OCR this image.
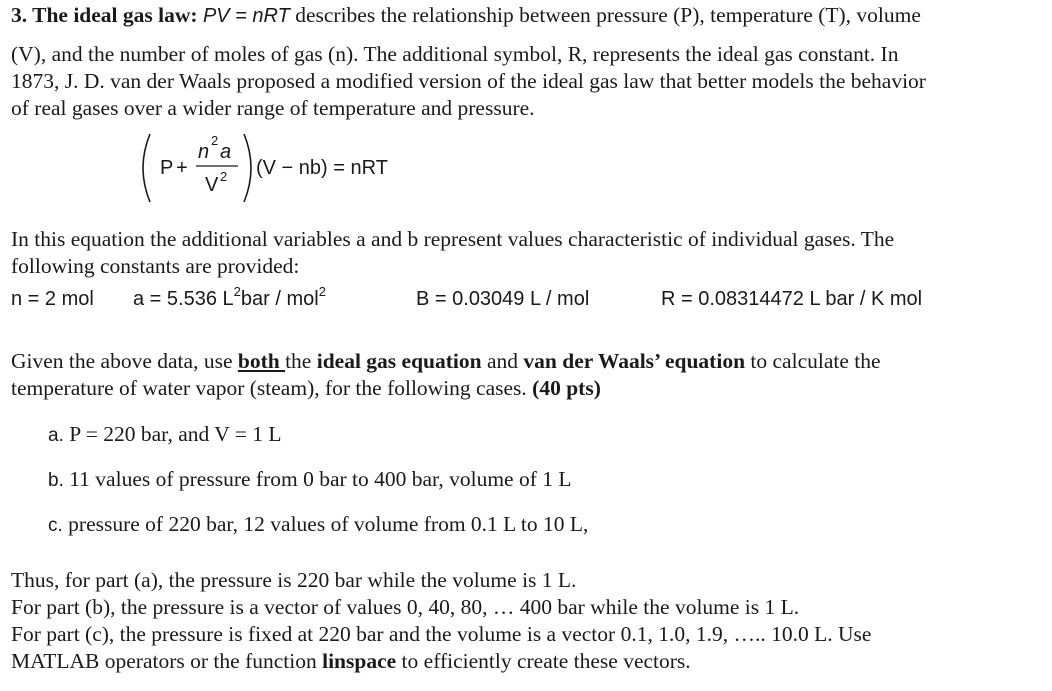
3. The ideal gas law: PV = nRT describes the relationship between pressure (P), temperature (T), volume
(V), and the number of moles of gas (n). The additional symbol, R, represents the ideal gas constant. In
1873, J. D. van der Waals proposed a modified version of the ideal gas law that better models the behavior
of real gases over a wider range of temperature and pressure.
P +
n
2
a
V 2 (V − nb) = nRT
In this equation the additional variables a and b represent values characteristic of individual gases. The
following constants are provided:
n = 2 mol a = 5.536 $L^2bar / mol^2$	B = 0.03049 L / mol	R = 0.08314472 L bar / K mol
Given the above data, use both the ideal gas equation and van der Waals’ equation to calculate the
temperature of water vapor (steam), for the following cases. (40 pts)
a. P = 220 bar, and V = 1 L
b. 11 values of pressure from 0 bar to 400 bar, volume of 1 L
c. pressure of 220 bar, 12 values of volume from 0.1 L to 10 L,
Thus, for part (a), the pressure is 220 bar while the volume is 1 L.
For part (b), the pressure is a vector of values 0, 40, 80, … 400 bar while the volume is 1 L.
For part (c), the pressure is fixed at 220 bar and the volume is a vector 0.1, 1.0, 1.9, ….. 10.0 L. Use
MATLAB operators or the function linspace to efficiently create these vectors.
